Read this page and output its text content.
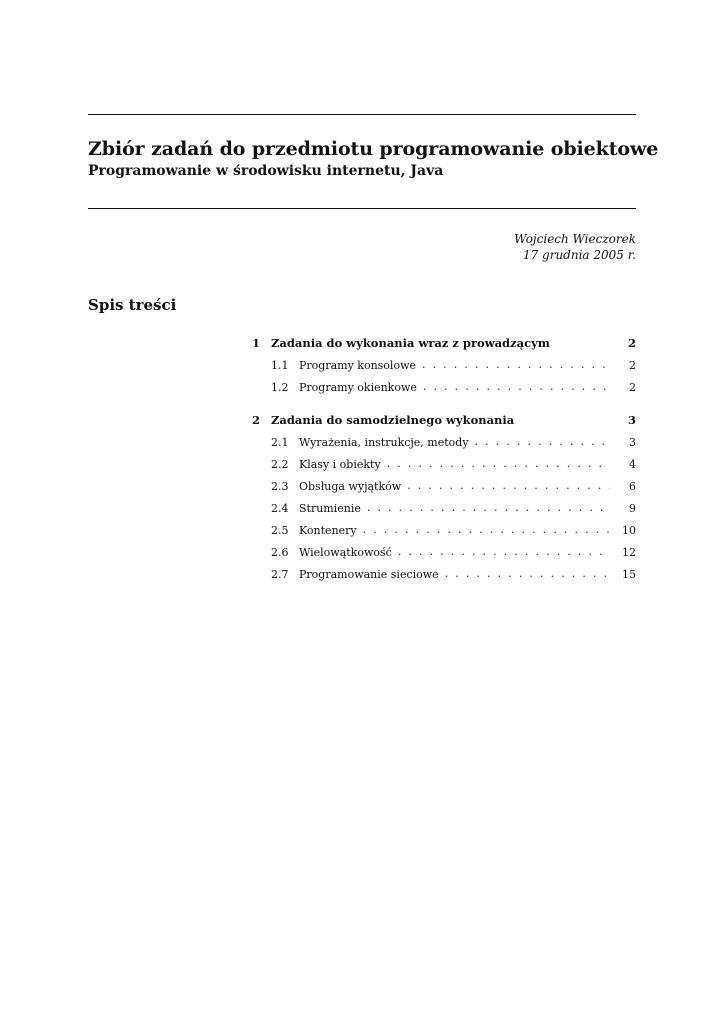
Zbiór zadań do przedmiotu programowanie obiektowe
Programowanie w środowisku internetu, Java
Wojciech Wieczorek
17 grudnia 2005 r.
Spis treści
1 Zadania do wykonania wraz z prowadzącym	2
1.1 Programy konsolowe . . .	2
1.2 Programy okienkowe . . .	2
2 Zadania do samodzielnego wykonania	3
2.1 Wyrażenia, instrukcje, metody . . .	3
2.2 Klasy i obiekty . . .	4
2.3 Obsługa wyjątków . . .	6
2.4 Strumienie . . .	9
2.5 Kontenery . . .	10
2.6 Wielowątkowość . . .	12
2.7 Programowanie sieciowe . . .	15
